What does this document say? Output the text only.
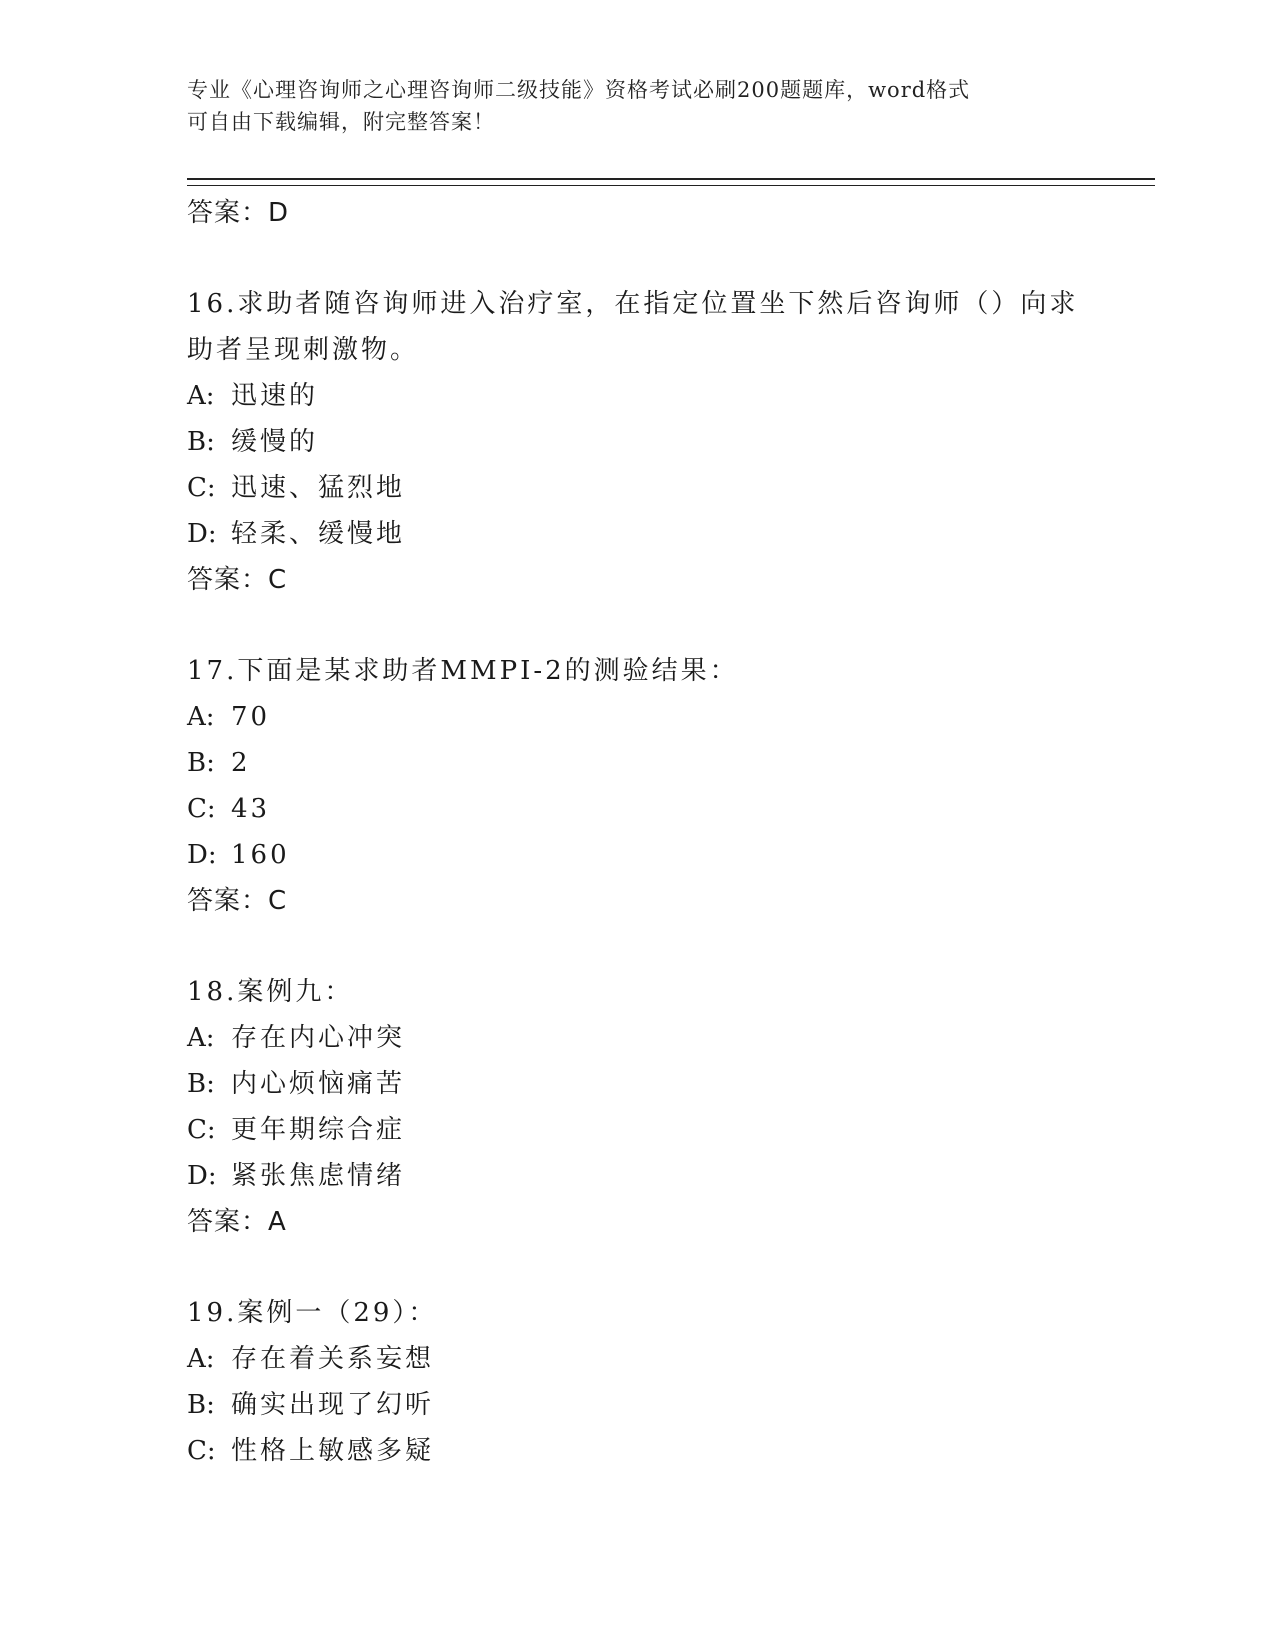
专业《心理咨询师之心理咨询师二级技能》资格考试必刷200题题库，word格式
可自由下载编辑，附完整答案！
答案：D

16.求助者随咨询师进入治疗室，在指定位置坐下然后咨询师（）向求助者呈现刺激物。

A: 迅速的
B: 缓慢的
C: 迅速、猛烈地
D: 轻柔、缓慢地
答案：C

17.下面是某求助者MMPI-2的测验结果：

A: 70
B: 2
C: 43
D: 160
答案：C

18.案例九：

A: 存在内心冲突
B: 内心烦恼痛苦
C: 更年期综合症
D: 紧张焦虑情绪
答案：A

19.案例一（29）：

A: 存在着关系妄想
B: 确实出现了幻听
C: 性格上敏感多疑
